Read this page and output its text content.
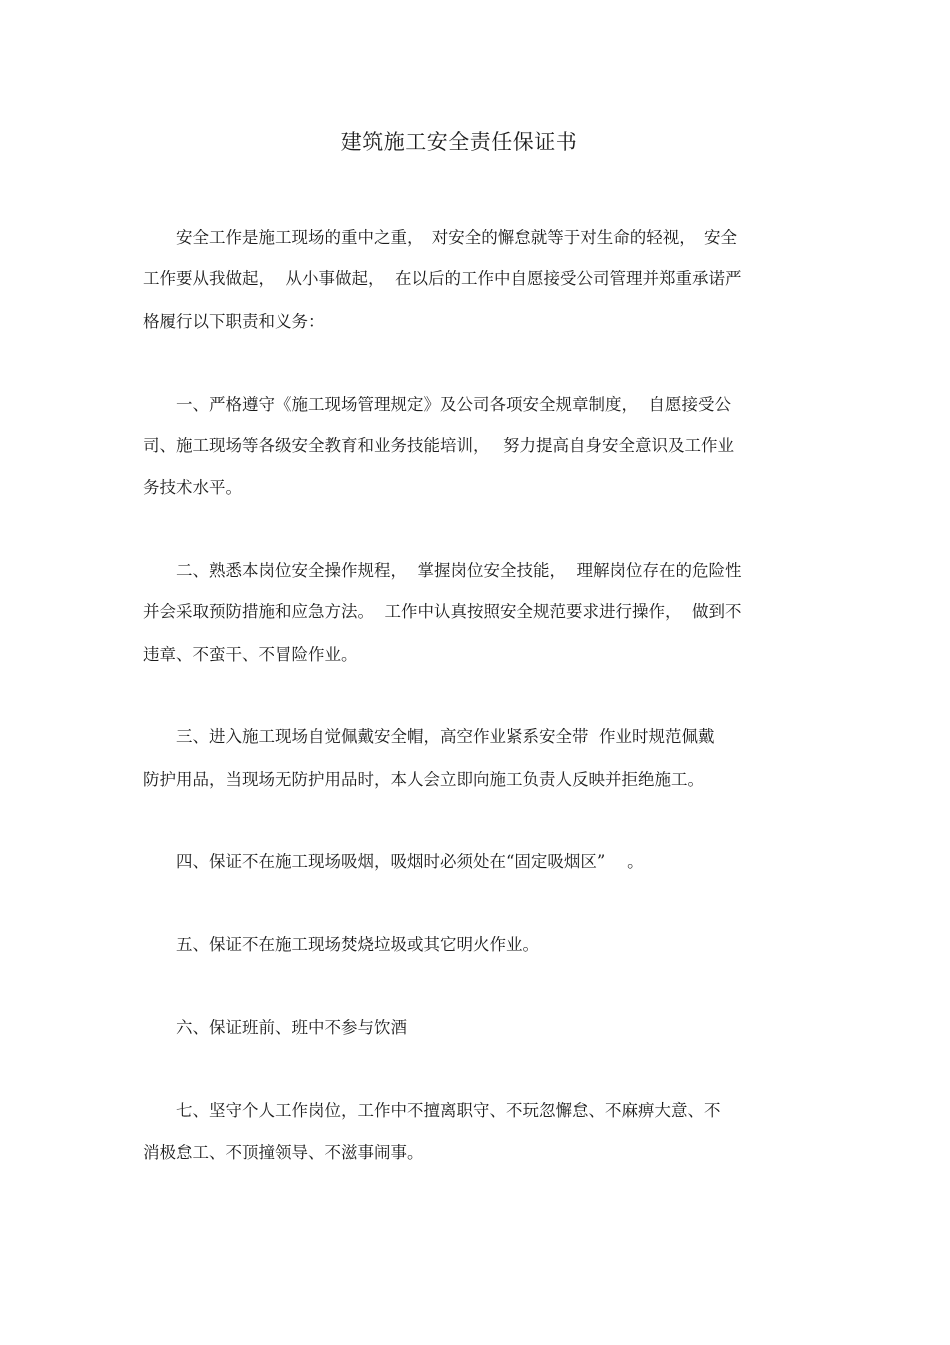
建筑施工安全责任保证书

　　安全工作是施工现场的重中之重，　对安全的懈怠就等于对生命的轻视，　安全

工作要从我做起，  从小事做起，  在以后的工作中自愿接受公司管理并郑重承诺严

格履行以下职责和义务：

　　一、严格遵守《施工现场管理规定》及公司各项安全规章制度，  自愿接受公

司、施工现场等各级安全教育和业务技能培训，　 努力提高自身安全意识及工作业

务技术水平。

　　二、熟悉本岗位安全操作规程，  掌握岗位安全技能，  理解岗位存在的危险性

并会采取预防措施和应急方法。  工作中认真按照安全规范要求进行操作，  做到不

违章、不蛮干、不冒险作业。

　　三、进入施工现场自觉佩戴安全帽，高空作业紧系安全带  作业时规范佩戴

防护用品，当现场无防护用品时，本人会立即向施工负责人反映并拒绝施工。

　　四、保证不在施工现场吸烟，吸烟时必须处在“固定吸烟区”　 。

　　五、保证不在施工现场焚烧垃圾或其它明火作业。

　　六、保证班前、班中不参与饮酒

　　七、坚守个人工作岗位，工作中不擅离职守、不玩忽懈怠、不麻痹大意、不

消极怠工、不顶撞领导、不滋事闹事。
